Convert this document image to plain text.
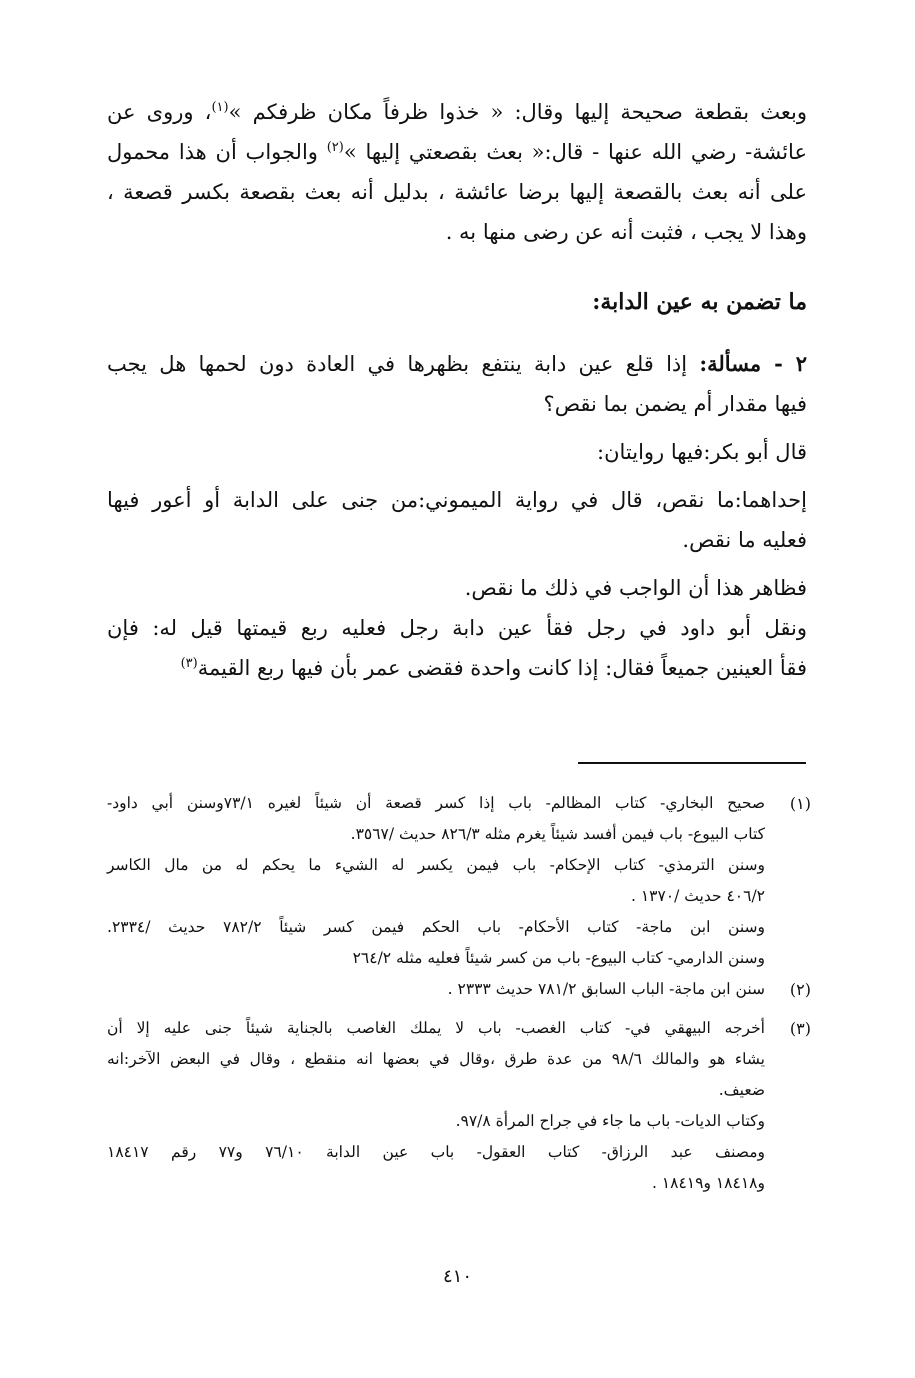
وبعث بقطعة صحيحة إليها وقال: « خذوا ظرفاً مكان ظرفكم »$^{(١)}$، وروى عن
عائشة- رضي الله عنها - قال:« بعث بقصعتي إليها »$^{(٢)}$ والجواب أن هذا محمول
على أنه بعث بالقصعة إليها برضا عائشة ، بدليل أنه بعث بقصعة بكسر قصعة ،
وهذا لا يجب ، فثبت أنه عن رضى منها به .
ما تضمن به عين الدابة:
٢ - مسألة: إذا قلع عين دابة ينتفع بظهرها في العادة دون لحمها هل يجب
فيها مقدار أم يضمن بما نقص؟
قال أبو بكر:فيها روايتان:
إحداهما:ما نقص، قال في رواية الميموني:من جنى على الدابة أو أعور فيها
فعليه ما نقص.
فظاهر هذا أن الواجب في ذلك ما نقص.
ونقل أبو داود في رجل فقأ عين دابة رجل فعليه ربع قيمتها قيل له: فإن
فقأ العينين جميعاً فقال: إذا كانت واحدة فقضى عمر بأن فيها ربع القيمة$^{(٣)}$
(١)
صحيح البخاري- كتاب المظالم- باب إذا كسر قصعة أن شيئاً لغيره ٧٣/١وسنن أبي داود-
كتاب البيوع- باب فيمن أفسد شيئاً يغرم مثله ٨٢٦/٣ حديث /٣٥٦٧.
وسنن الترمذي- كتاب الإحكام- باب فيمن يكسر له الشيء ما يحكم له من مال الكاسر
٤٠٦/٢ حديث /١٣٧٠ .
وسنن ابن ماجة- كتاب الأحكام- باب الحكم فيمن كسر شيئاً ٧٨٢/٢ حديث /٢٣٣٤.
وسنن الدارمي- كتاب البيوع- باب من كسر شيئاً فعليه مثله ٢٦٤/٢
(٢)
سنن ابن ماجة- الباب السابق ٧٨١/٢ حديث ٢٣٣٣ .
(٣)
أخرجه البيهقي في- كتاب الغصب- باب لا يملك الغاصب بالجناية شيئاً جنى عليه إلا أن
يشاء هو والمالك ٩٨/٦ من عدة طرق ،وقال في بعضها انه منقطع ، وقال في البعض الآخر:انه
ضعيف.
وكتاب الديات- باب ما جاء في جراح المرأة ٩٧/٨.
ومصنف عبد الرزاق- كتاب العقول- باب عين الدابة ٧٦/١٠ و٧٧ رقم ١٨٤١٧
و١٨٤١٨ و١٨٤١٩ .
٤١٠
